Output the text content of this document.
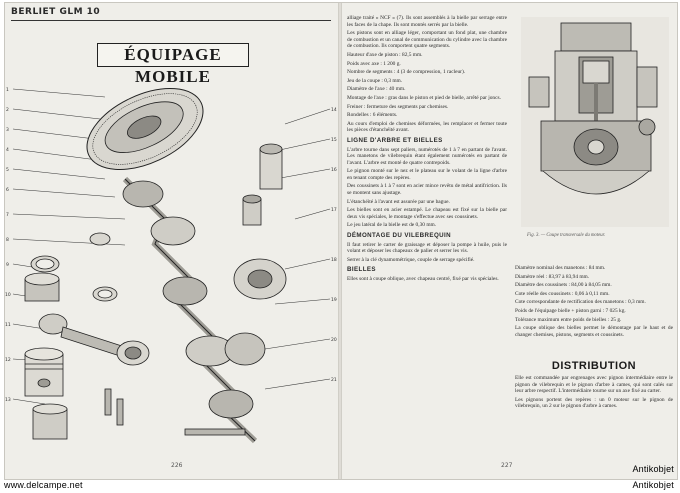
BERLIET GLM 10
ÉQUIPAGE MOBILE
1
2
3
4
5
6
7
8
9
10
11
12
13
14
15
16
17
18
19
20
21
226

alliage traité « NCF » (7). Ils sont assemblés à la bielle par serrage entre les faces de la chape. Ils sont montés serrés par la bielle.

Les pistons sont en alliage léger, comportant un fond plat, une chambre de combustion et un canal de communication du cylindre avec la chambre de combustion. Ils comportent quatre segments.

Hauteur d'axe de piston : 82,5 mm.

Poids avec axe : 1 200 g.

Nombre de segments : 4 (3 de compression, 1 racleur).

Jeu de la coupe : 0,3 mm.

Diamètre de l'axe : 40 mm.

Montage de l'axe : gras dans le piston et pied de bielle, arrêté par joncs.

Freiner : fermeture des segments par chemises.

Rondelles : 6 éléments.

Au cours d'emploi de chemises déformées, les remplacer et fermer toute les pièces d'étanchéité avant.

LIGNE D'ARBRE ET BIELLES

L'arbre tourne dans sept paliers, numérotés de 1 à 7 en partant de l'avant. Les manetons de vilebrequin étant également numérotés en partant de l'avant. L'arbre est monté de quatre contrepoids.

Le pignon monté sur le nez et le plateau sur le volant de la ligne d'arbre en tenant compte des repères.

Des coussinets à 1 à 7 sont en acier mince revêtu de métal antifriction. Ils se montent sans ajustage.

L'étanchéité à l'avant est assurée par une bague.

Les bielles sont en acier estampé. Le chapeau est fixé sur la bielle par deux vis spéciales, le montage s'effectue avec ses coussinets.

Le jeu latéral de la bielle est de 0,30 mm.

DÉMONTAGE DU VILEBREQUIN

Il faut retirer le carter de graissage et déposer la pompe à huile, puis le volant et déposer les chapeaux de palier et serrer les vis.

Serrer à la clé dynamométrique, couple de serrage spécifié.

BIELLES

Elles sont à coupe oblique, avec chapeau centré, fixé par vis spéciales.

Fig. 3. — Coupe transversale du moteur.

Diamètre nominal des manetons : 84 mm.

Diamètre réel : 83,97 à 83,94 mm.

Diamètre des coussinets : 84,00 à 84,05 mm.

Cote réelle des coussinets : 0,06 à 0,11 mm.

Cote correspondante de rectification des manetons : 0,3 mm.

Poids de l'équipage bielle + piston garni : 7 025 kg.

Tolérance maximum entre poids de bielles : 25 g.

La coupe oblique des bielles permet le démontage par le haut et de changer chemises, pistons, segments et coussinets.

DISTRIBUTION

Elle est commandée par engrenages avec pignon intermédiaire entre le pignon de vilebrequin et le pignon d'arbre à cames, qui sont calés sur leur arbre respectif. L'intermédiaire tourne sur un axe fixé au carter.

Les pignons portent des repères : un 0 moteur sur le pignon de vilebrequin, un 2 sur le pignon d'arbre à cames.

227
www.delcampe.net
Antikobjet
Antikobjet
